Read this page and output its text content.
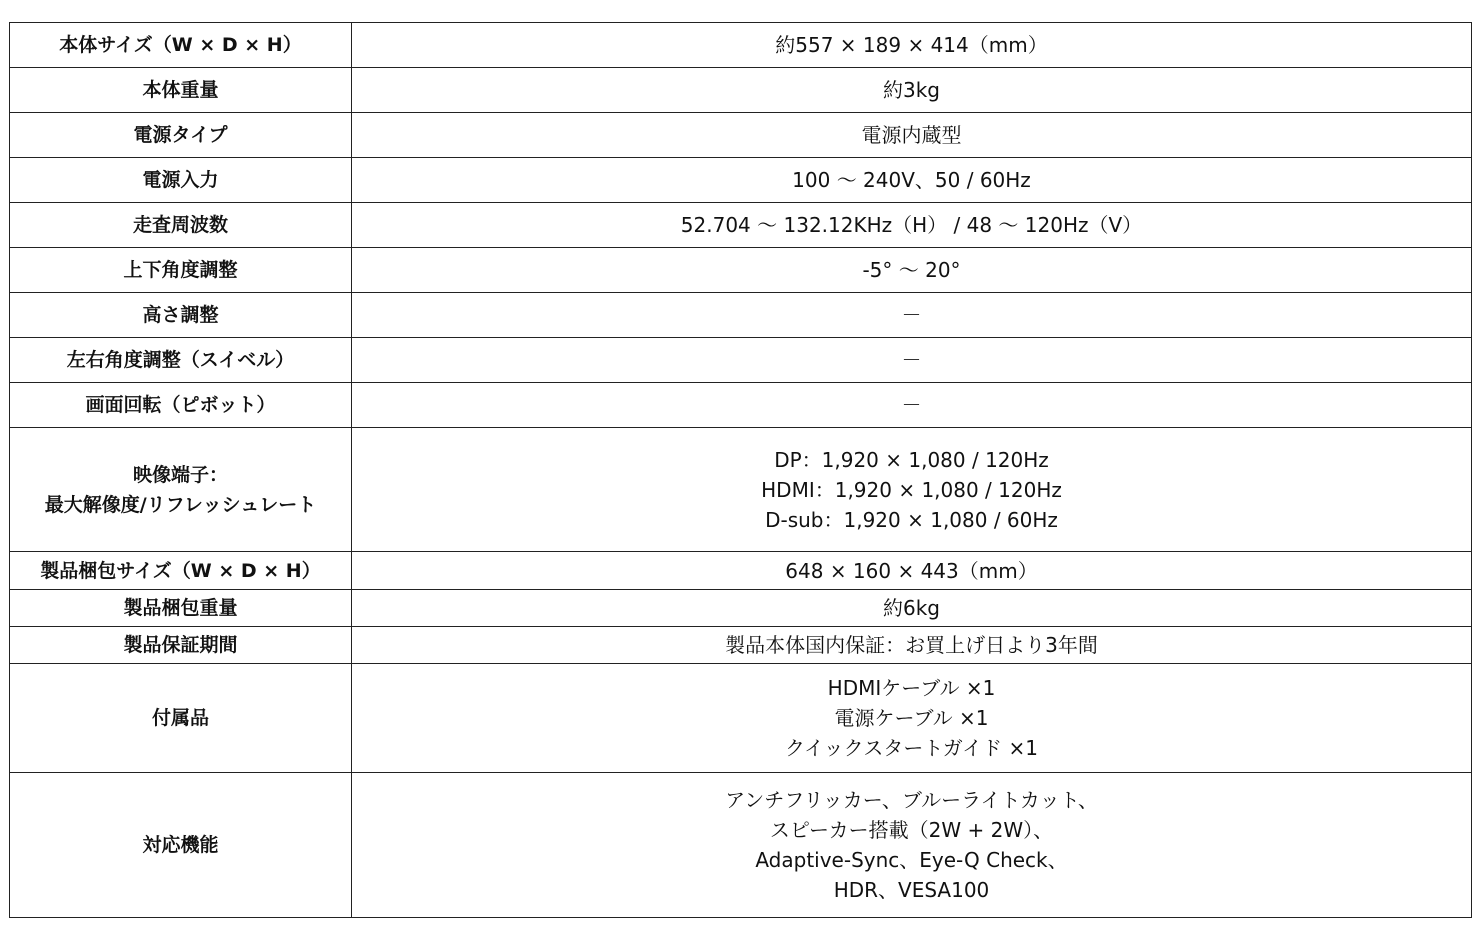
本体サイズ（W × D × H）	約557 × 189 × 414（mm）
本体重量	約3kg
電源タイプ	電源内蔵型
電源入力	100 〜 240V、50 / 60Hz
走査周波数	52.704 〜 132.12KHz（H） / 48 〜 120Hz（V）
上下角度調整	-5° 〜 20°
高さ調整	－
左右角度調整（スイベル）	－
画面回転（ピボット）	－

映像端子：
最大解像度/リフレッシュレート	DP：1,920 × 1,080 / 120Hz
HDMI：1,920 × 1,080 / 120Hz
D-sub：1,920 × 1,080 / 60Hz

製品梱包サイズ（W × D × H）	648 × 160 × 443（mm）
製品梱包重量	約6kg
製品保証期間	製品本体国内保証：お買上げ日より3年間
付属品	HDMIケーブル ×1
電源ケーブル ×1
クイックスタートガイド ×1

対応機能	アンチフリッカー、ブルーライトカット、
スピーカー搭載（2W + 2W）、
Adaptive-Sync、Eye-Q Check、
HDR、VESA100
